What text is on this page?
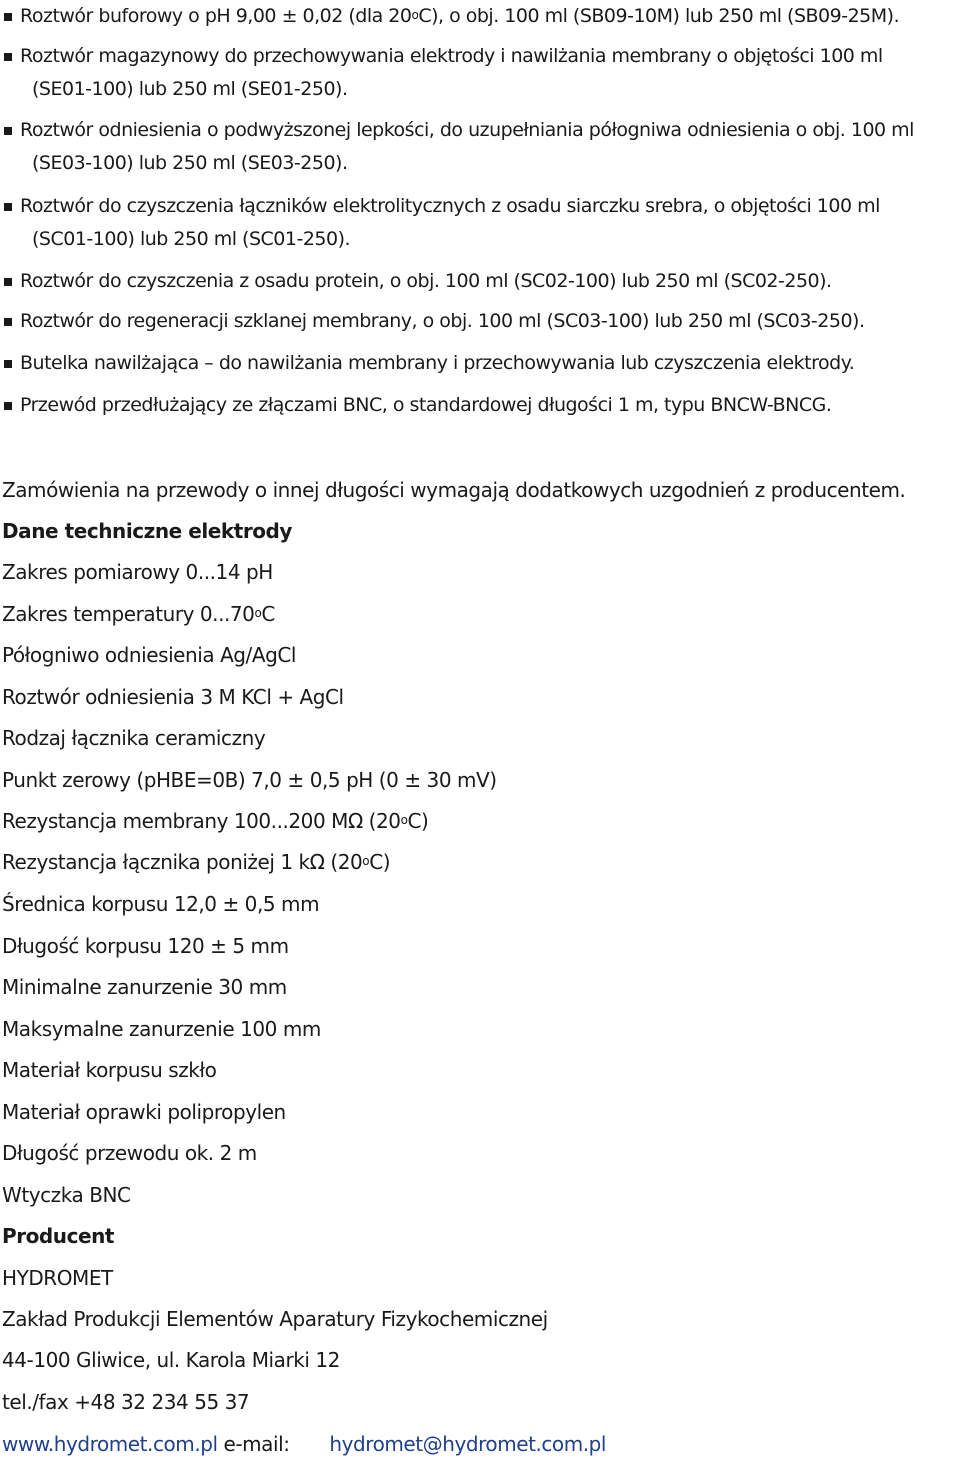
Roztwór buforowy o pH 9,00 ± 0,02 (dla 20$^o$C), o obj. 100 ml (SB09-10M) lub 250 ml (SB09-25M).
Roztwór magazynowy do przechowywania elektrody i nawilżania membrany o objętości 100 ml
(SE01-100) lub 250 ml (SE01-250).
Roztwór odniesienia o podwyższonej lepkości, do uzupełniania półogniwa odniesienia o obj. 100 ml
(SE03-100) lub 250 ml (SE03-250).
Roztwór do czyszczenia łączników elektrolitycznych z osadu siarczku srebra, o objętości 100 ml
(SC01-100) lub 250 ml (SC01-250).
Roztwór do czyszczenia z osadu protein, o obj. 100 ml (SC02-100) lub 250 ml (SC02-250).
Roztwór do regeneracji szklanej membrany, o obj. 100 ml (SC03-100) lub 250 ml (SC03-250).
Butelka nawilżająca – do nawilżania membrany i przechowywania lub czyszczenia elektrody.
Przewód przedłużający ze złączami BNC, o standardowej długości 1 m, typu BNCW-BNCG.
Zamówienia na przewody o innej długości wymagają dodatkowych uzgodnień z producentem.
Dane techniczne elektrody
Zakres pomiarowy 0...14 pH
Zakres temperatury 0...70$^o$C
Półogniwo odniesienia Ag/AgCl
Roztwór odniesienia 3 M KCl + AgCl
Rodzaj łącznika ceramiczny
Punkt zerowy (pHBE=0B) 7,0 ± 0,5 pH (0 ± 30 mV)
Rezystancja membrany 100...200 MΩ (20$^o$C)
Rezystancja łącznika poniżej 1 kΩ (20$^o$C)
Średnica korpusu 12,0 ± 0,5 mm
Długość korpusu 120 ± 5 mm
Minimalne zanurzenie 30 mm
Maksymalne zanurzenie 100 mm
Materiał korpusu szkło
Materiał oprawki polipropylen
Długość przewodu ok. 2 m
Wtyczka BNC
Producent
HYDROMET
Zakład Produkcji Elementów Aparatury Fizykochemicznej
44-100 Gliwice, ul. Karola Miarki 12
tel./fax +48 32 234 55 37
www.hydromet.com.pl e-mail: hydromet@hydromet.com.pl
